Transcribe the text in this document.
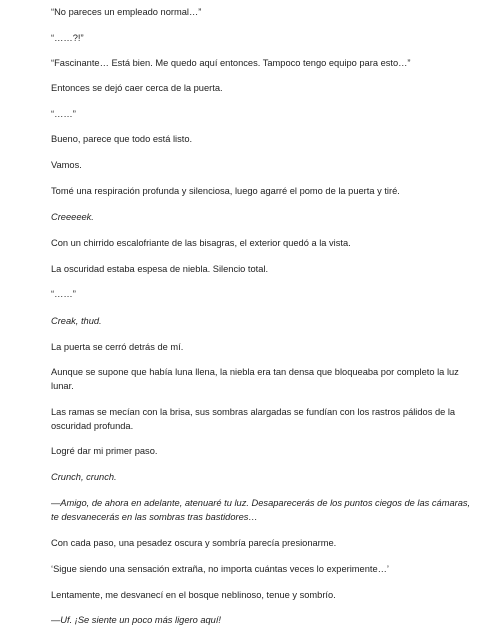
“No pareces un empleado normal…”

“……?!”

“Fascinante… Está bien. Me quedo aquí entonces. Tampoco tengo equipo para esto…”

Entonces se dejó caer cerca de la puerta.

“……”

Bueno, parece que todo está listo.

Vamos.

Tomé una respiración profunda y silenciosa, luego agarré el pomo de la puerta y tiré.

Creeeeek.

Con un chirrido escalofriante de las bisagras, el exterior quedó a la vista.

La oscuridad estaba espesa de niebla. Silencio total.

“……”

Creak, thud.

La puerta se cerró detrás de mí.

Aunque se supone que había luna llena, la niebla era tan densa que bloqueaba por completo la luz lunar.

Las ramas se mecían con la brisa, sus sombras alargadas se fundían con los rastros pálidos de la oscuridad profunda.

Logré dar mi primer paso.

Crunch, crunch.

—Amigo, de ahora en adelante, atenuaré tu luz. Desaparecerás de los puntos ciegos de las cámaras, te desvanecerás en las sombras tras bastidores…

Con cada paso, una pesadez oscura y sombría parecía presionarme.

‘Sigue siendo una sensación extraña, no importa cuántas veces lo experimente…’

Lentamente, me desvanecí en el bosque neblinoso, tenue y sombrío.

—Uf. ¡Se siente un poco más ligero aquí!
